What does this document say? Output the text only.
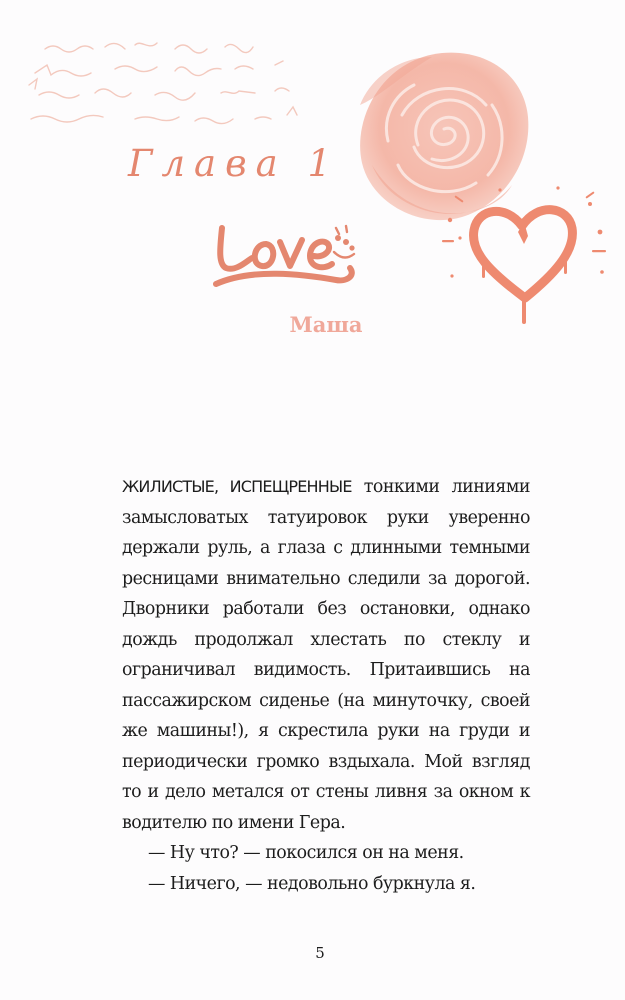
Глава 1
Маша

ЖИЛИСТЫЕ, ИСПЕЩРЕННЫЕ тонкими линиями замысловатых татуировок руки уверенно держали руль, а глаза с длинными темными ресницами внимательно следили за дорогой. Дворники работали без остановки, однако дождь продолжал хлестать по стеклу и ограничивал видимость. Притаившись на пассажирском сиденье (на минуточку, своей же машины!), я скрестила руки на груди и периодически громко вздыхала. Мой взгляд то и дело метался от стены ливня за окном к водителю по имени Гера.

— Ну что? — покосился он на меня.

— Ничего, — недовольно буркнула я.

5
